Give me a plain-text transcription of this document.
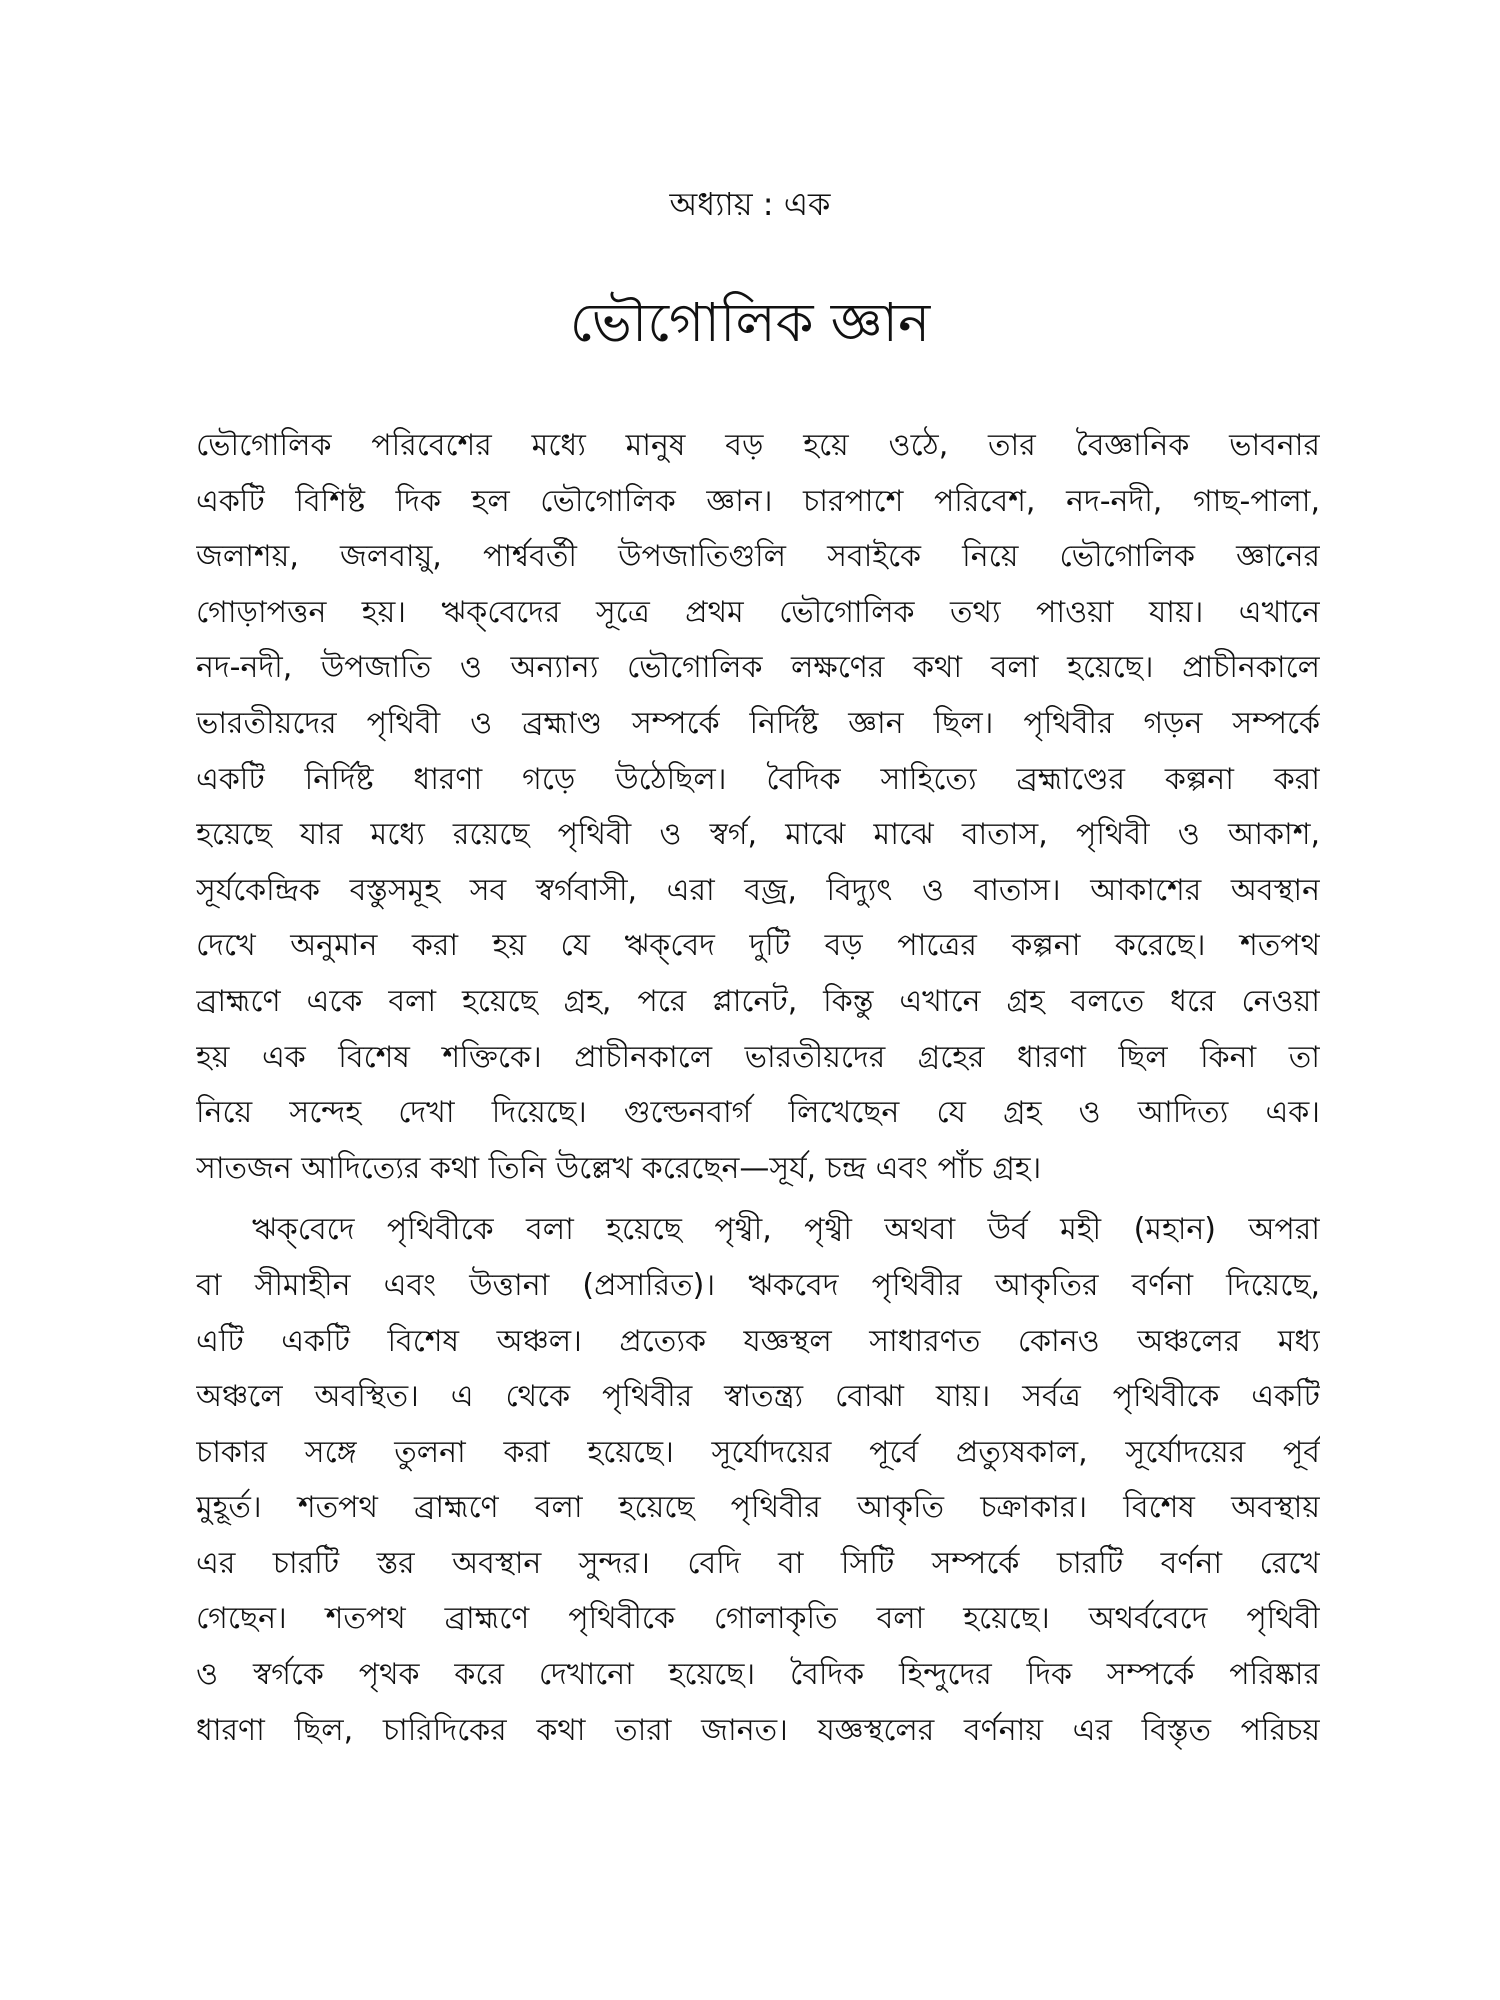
অধ্যায় : এক
ভৌগোলিক জ্ঞান
ভৌগোলিক পরিবেশের মধ্যে মানুষ বড় হয়ে ওঠে, তার বৈজ্ঞানিক ভাবনার
একটি বিশিষ্ট দিক হল ভৌগোলিক জ্ঞান। চারপাশে পরিবেশ, নদ-নদী, গাছ-পালা,
জলাশয়, জলবায়ু, পার্শ্ববর্তী উপজাতিগুলি সবাইকে নিয়ে ভৌগোলিক জ্ঞানের
গোড়াপত্তন হয়। ঋক্‌বেদের সূত্রে প্রথম ভৌগোলিক তথ্য পাওয়া যায়। এখানে
নদ-নদী, উপজাতি ও অন্যান্য ভৌগোলিক লক্ষণের কথা বলা হয়েছে। প্রাচীনকালে
ভারতীয়দের পৃথিবী ও ব্রহ্মাণ্ড সম্পর্কে নির্দিষ্ট জ্ঞান ছিল। পৃথিবীর গড়ন সম্পর্কে
একটি নির্দিষ্ট ধারণা গড়ে উঠেছিল। বৈদিক সাহিত্যে ব্রহ্মাণ্ডের কল্পনা করা
হয়েছে যার মধ্যে রয়েছে পৃথিবী ও স্বর্গ, মাঝে মাঝে বাতাস, পৃথিবী ও আকাশ,
সূর্যকেন্দ্রিক বস্তুসমূহ সব স্বর্গবাসী, এরা বজ্র, বিদ্যুৎ ও বাতাস। আকাশের অবস্থান
দেখে অনুমান করা হয় যে ঋক্‌বেদ দুটি বড় পাত্রের কল্পনা করেছে। শতপথ
ব্রাহ্মণে একে বলা হয়েছে গ্রহ, পরে প্লানেট, কিন্তু এখানে গ্রহ বলতে ধরে নেওয়া
হয় এক বিশেষ শক্তিকে। প্রাচীনকালে ভারতীয়দের গ্রহের ধারণা ছিল কিনা তা
নিয়ে সন্দেহ দেখা দিয়েছে। গুল্ডেনবার্গ লিখেছেন যে গ্রহ ও আদিত্য এক।
সাতজন আদিত্যের কথা তিনি উল্লেখ করেছেন—সূর্য, চন্দ্র এবং পাঁচ গ্রহ।
ঋক্‌বেদে পৃথিবীকে বলা হয়েছে পৃথ্বী, পৃথ্বী অথবা উর্ব মহী (মহান) অপরা
বা সীমাহীন এবং উত্তানা (প্রসারিত)। ঋকবেদ পৃথিবীর আকৃতির বর্ণনা দিয়েছে,
এটি একটি বিশেষ অঞ্চল। প্রত্যেক যজ্ঞস্থল সাধারণত কোনও অঞ্চলের মধ্য
অঞ্চলে অবস্থিত। এ থেকে পৃথিবীর স্বাতন্ত্র্য বোঝা যায়। সর্বত্র পৃথিবীকে একটি
চাকার সঙ্গে তুলনা করা হয়েছে। সূর্যোদয়ের পূর্বে প্রত্যুষকাল, সূর্যোদয়ের পূর্ব
মুহূর্ত। শতপথ ব্রাহ্মণে বলা হয়েছে পৃথিবীর আকৃতি চক্রাকার। বিশেষ অবস্থায়
এর চারটি স্তর অবস্থান সুন্দর। বেদি বা সিটি সম্পর্কে চারটি বর্ণনা রেখে
গেছেন। শতপথ ব্রাহ্মণে পৃথিবীকে গোলাকৃতি বলা হয়েছে। অথর্ববেদে পৃথিবী
ও স্বর্গকে পৃথক করে দেখানো হয়েছে। বৈদিক হিন্দুদের দিক সম্পর্কে পরিষ্কার
ধারণা ছিল, চারিদিকের কথা তারা জানত। যজ্ঞস্থলের বর্ণনায় এর বিস্তৃত পরিচয়
